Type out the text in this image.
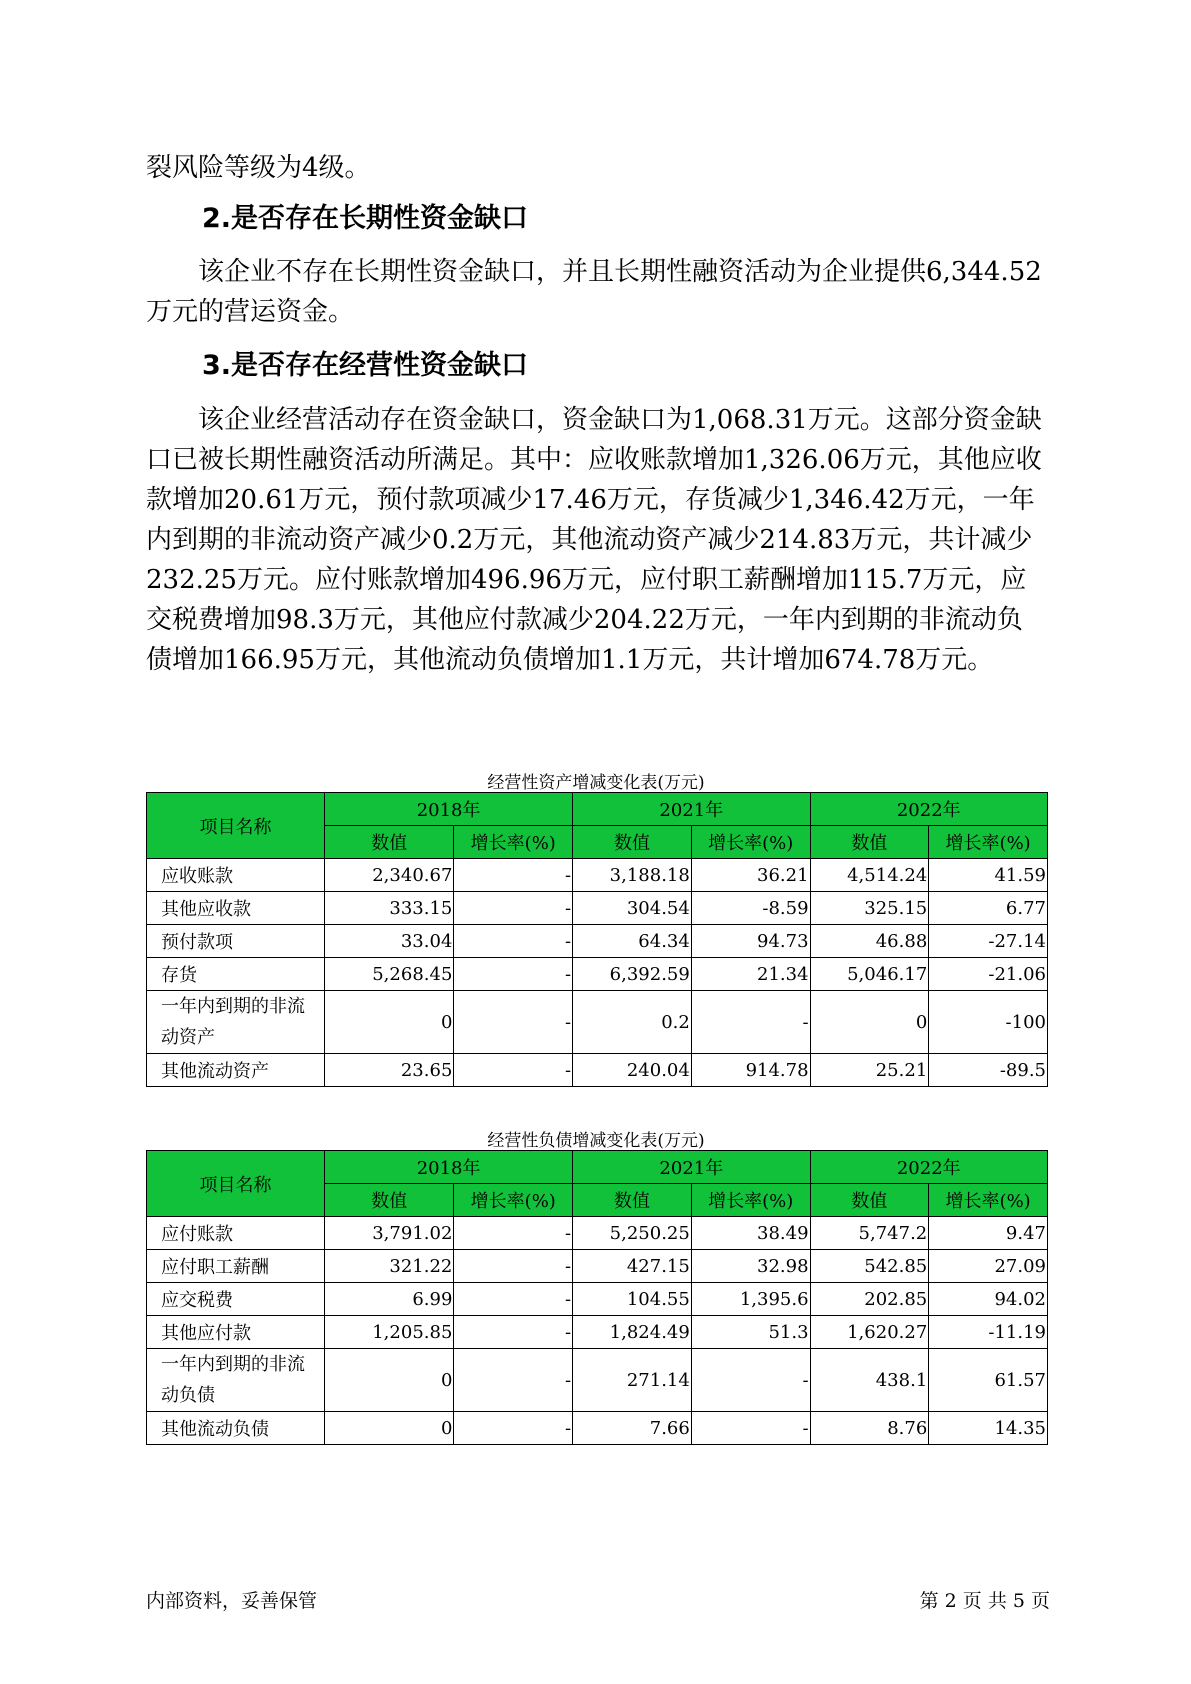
裂风险等级为4级。
2.是否存在长期性资金缺口
该企业不存在长期性资金缺口，并且长期性融资活动为企业提供6,344.52万元的营运资金。
3.是否存在经营性资金缺口
该企业经营活动存在资金缺口，资金缺口为1,068.31万元。这部分资金缺口已被长期性融资活动所满足。其中：应收账款增加1,326.06万元，其他应收款增加20.61万元，预付款项减少17.46万元，存货减少1,346.42万元，一年内到期的非流动资产减少0.2万元，其他流动资产减少214.83万元，共计减少232.25万元。应付账款增加496.96万元，应付职工薪酬增加115.7万元，应交税费增加98.3万元，其他应付款减少204.22万元，一年内到期的非流动负债增加166.95万元，其他流动负债增加1.1万元，共计增加674.78万元。
经营性资产增减变化表(万元)
项目名称	2018年		2021年		2022年	
	数值	增长率(%)	数值	增长率(%)	数值	增长率(%)
应收账款	2,340.67	-	3,188.18	36.21	4,514.24	41.59
其他应收款	333.15	-	304.54	-8.59	325.15	6.77
预付款项	33.04	-	64.34	94.73	46.88	-27.14
存货	5,268.45	-	6,392.59	21.34	5,046.17	-21.06
一年内到期的非流动资产	0	-	0.2	-	0	-100
其他流动资产	23.65	-	240.04	914.78	25.21	-89.5
经营性负债增减变化表(万元)
项目名称	2018年		2021年		2022年	
	数值	增长率(%)	数值	增长率(%)	数值	增长率(%)
应付账款	3,791.02	-	5,250.25	38.49	5,747.2	9.47
应付职工薪酬	321.22	-	427.15	32.98	542.85	27.09
应交税费	6.99	-	104.55	1,395.6	202.85	94.02
其他应付款	1,205.85	-	1,824.49	51.3	1,620.27	-11.19
一年内到期的非流动负债	0	-	271.14	-	438.1	61.57
其他流动负债	0	-	7.66	-	8.76	14.35
内部资料，妥善保管	第 2 页 共 5 页
